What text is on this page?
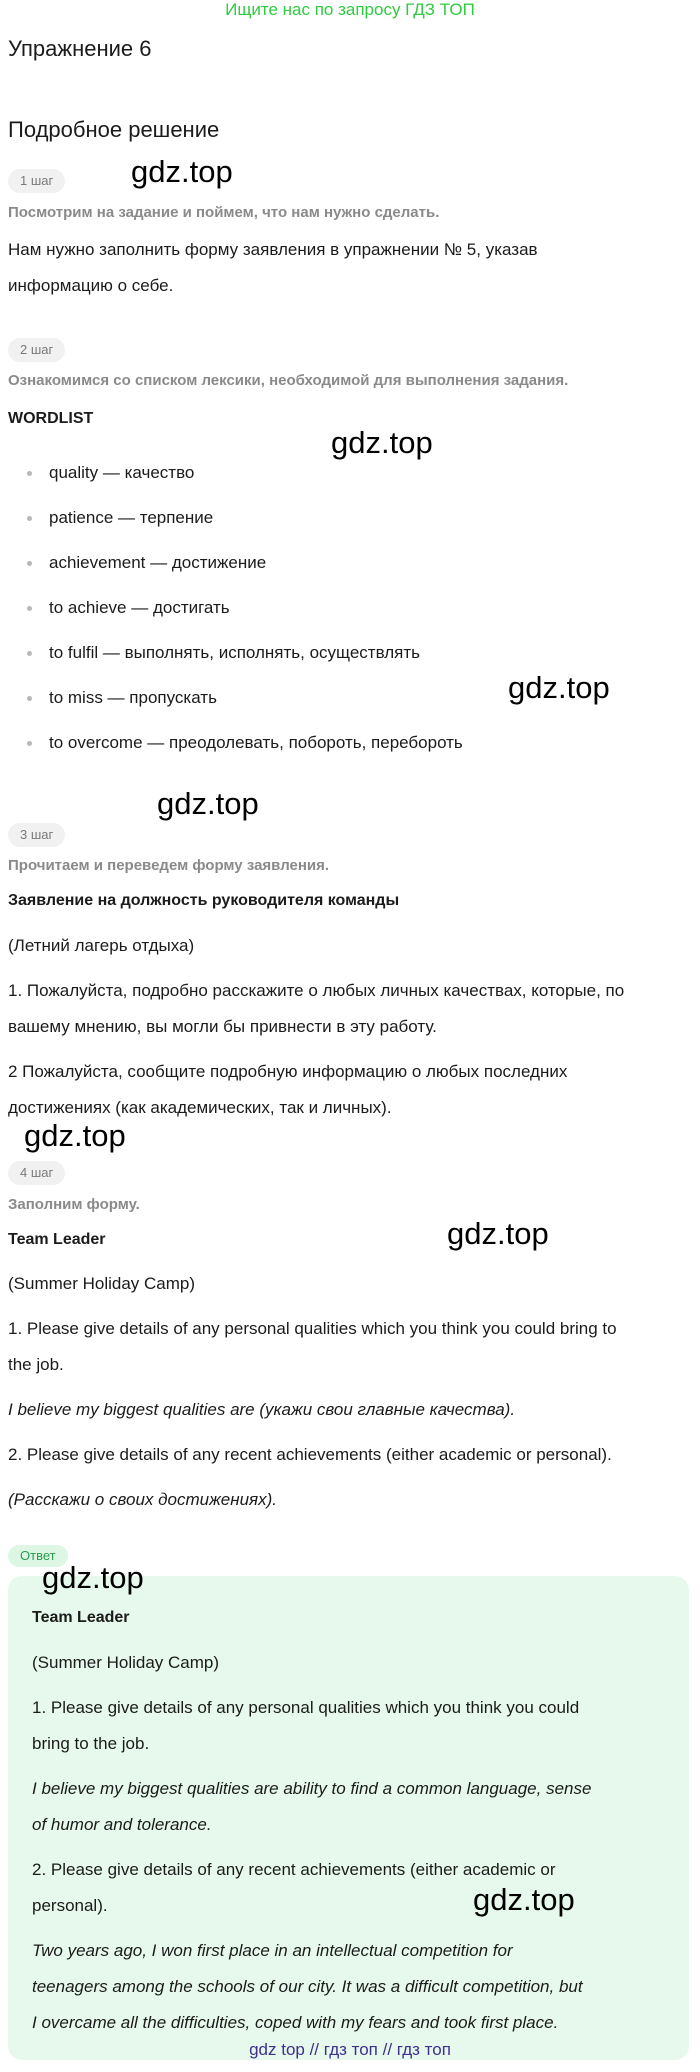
Ищите нас по запросу ГДЗ ТОП
Упражнение 6
Подробное решение
1 шаг	gdz.top
Посмотрим на задание и поймем, что нам нужно сделать.
Нам нужно заполнить форму заявления в упражнении № 5, указав
информацию о себе.
2 шаг
Ознакомимся со списком лексики, необходимой для выполнения задания.
WORDLIST
gdz.top
quality — качество
patience — терпение
achievement — достижение
to achieve — достигать
to fulfil — выполнять, исполнять, осуществлять
to miss — пропускать
to overcome — преодолевать, побороть, перебороть
gdz.top
gdz.top
3 шаг
Прочитаем и переведем форму заявления.
Заявление на должность руководителя команды
(Летний лагерь отдыха)
1. Пожалуйста, подробно расскажите о любых личных качествах, которые, по
вашему мнению, вы могли бы привнести в эту работу.
2 Пожалуйста, сообщите подробную информацию о любых последних
достижениях (как академических, так и личных).
gdz.top
4 шаг
Заполним форму.
Team Leader	gdz.top
(Summer Holiday Camp)
1. Please give details of any personal qualities which you think you could bring to
the job.
I believe my biggest qualities are (укажи свои главные качества).
2. Please give details of any recent achievements (either academic or personal).
(Расскажи о своих достижениях).
Ответ
gdz.top
Team Leader
(Summer Holiday Camp)
1. Please give details of any personal qualities which you think you could
bring to the job.
I believe my biggest qualities are ability to find a common language, sense
of humor and tolerance.
2. Please give details of any recent achievements (either academic or
personal).	gdz.top
Two years ago, I won first place in an intellectual competition for
teenagers among the schools of our city. It was a difficult competition, but
I overcame all the difficulties, coped with my fears and took first place.
gdz top // гдз топ // гдз топ
